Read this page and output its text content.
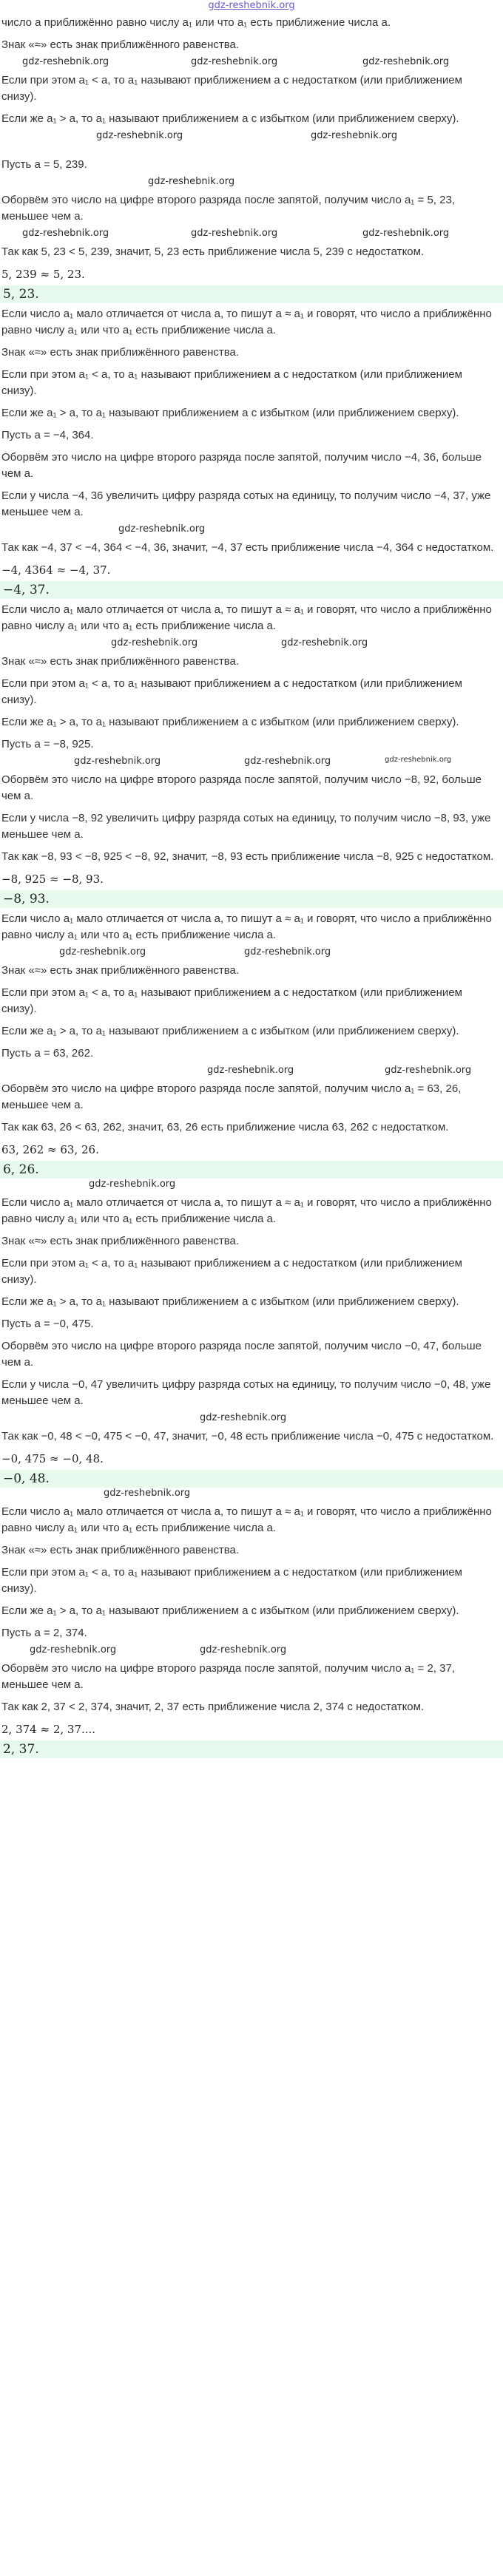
gdz-reshebnik.org

число a приближённо равно числу a₁ или что a₁ есть приближение числа a.

Знак «≈» есть знак приближённого равенства.

gdz-reshebnik.org	gdz-reshebnik.org	gdz-reshebnik.org

Если при этом a₁ < a, то a₁ называют приближением a с недостатком (или приближением снизу).

Если же a₁ > a, то a₁ называют приближением a с избытком (или приближением сверху).

gdz-reshebnik.org	gdz-reshebnik.org

Пусть a = 5, 239.

gdz-reshebnik.org

Оборвём это число на цифре второго разряда после запятой, получим число a₁ = 5, 23, меньшее чем a.

gdz-reshebnik.org	gdz-reshebnik.org	gdz-reshebnik.org

Так как 5, 23 < 5, 239, значит, 5, 23 есть приближение числа 5, 239 с недостатком.

5, 239 ≈ 5, 23.

5, 23.

Если число a₁ мало отличается от числа a, то пишут a ≈ a₁ и говорят, что число a приближённо равно числу a₁ или что a₁ есть приближение числа a.

Знак «≈» есть знак приближённого равенства.

Если при этом a₁ < a, то a₁ называют приближением a с недостатком (или приближением снизу).

Если же a₁ > a, то a₁ называют приближением a с избытком (или приближением сверху).

Пусть a = −4, 364.

Оборвём это число на цифре второго разряда после запятой, получим число −4, 36, больше чем a.

Если у числа −4, 36 увеличить цифру разряда сотых на единицу, то получим число −4, 37, уже меньшее чем a.

gdz-reshebnik.org

Так как −4, 37 < −4, 364 < −4, 36, значит, −4, 37 есть приближение числа −4, 364 с недостатком.

−4, 4364 ≈ −4, 37.

−4, 37.

Если число a₁ мало отличается от числа a, то пишут a ≈ a₁ и говорят, что число a приближённо равно числу a₁ или что a₁ есть приближение числа a.

gdz-reshebnik.org	gdz-reshebnik.org

Знак «≈» есть знак приближённого равенства.

Если при этом a₁ < a, то a₁ называют приближением a с недостатком (или приближением снизу).

Если же a₁ > a, то a₁ называют приближением a с избытком (или приближением сверху).

Пусть a = −8, 925.

gdz-reshebnik.org	gdz-reshebnik.org	gdz-reshebnik.org

Оборвём это число на цифре второго разряда после запятой, получим число −8, 92, больше чем a.

Если у числа −8, 92 увеличить цифру разряда сотых на единицу, то получим число −8, 93, уже меньшее чем a.

Так как −8, 93 < −8, 925 < −8, 92, значит, −8, 93 есть приближение числа −8, 925 с недостатком.

−8, 925 ≈ −8, 93.

−8, 93.

Если число a₁ мало отличается от числа a, то пишут a ≈ a₁ и говорят, что число a приближённо равно числу a₁ или что a₁ есть приближение числа a.

gdz-reshebnik.org	gdz-reshebnik.org

Знак «≈» есть знак приближённого равенства.

Если при этом a₁ < a, то a₁ называют приближением a с недостатком (или приближением снизу).

Если же a₁ > a, то a₁ называют приближением a с избытком (или приближением сверху).

Пусть a = 63, 262.

gdz-reshebnik.org	gdz-reshebnik.org

Оборвём это число на цифре второго разряда после запятой, получим число a₁ = 63, 26, меньшее чем a.

Так как 63, 26 < 63, 262, значит, 63, 26 есть приближение числа 63, 262 с недостатком.

63, 262 ≈ 63, 26.

6, 26.
gdz-reshebnik.org

Если число a₁ мало отличается от числа a, то пишут a ≈ a₁ и говорят, что число a приближённо равно числу a₁ или что a₁ есть приближение числа a.

Знак «≈» есть знак приближённого равенства.

Если при этом a₁ < a, то a₁ называют приближением a с недостатком (или приближением снизу).

Если же a₁ > a, то a₁ называют приближением a с избытком (или приближением сверху).

Пусть a = −0, 475.

Оборвём это число на цифре второго разряда после запятой, получим число −0, 47, больше чем a.

Если у числа −0, 47 увеличить цифру разряда сотых на единицу, то получим число −0, 48, уже меньшее чем a.

gdz-reshebnik.org

Так как −0, 48 < −0, 475 < −0, 47, значит, −0, 48 есть приближение числа −0, 475 с недостатком.

−0, 475 ≈ −0, 48.

−0, 48.
gdz-reshebnik.org

Если число a₁ мало отличается от числа a, то пишут a ≈ a₁ и говорят, что число a приближённо равно числу a₁ или что a₁ есть приближение числа a.

Знак «≈» есть знак приближённого равенства.

Если при этом a₁ < a, то a₁ называют приближением a с недостатком (или приближением снизу).

Если же a₁ > a, то a₁ называют приближением a с избытком (или приближением сверху).

Пусть a = 2, 374.

gdz-reshebnik.org	gdz-reshebnik.org

Оборвём это число на цифре второго разряда после запятой, получим число a₁ = 2, 37, меньшее чем a.

Так как 2, 37 < 2, 374, значит, 2, 37 есть приближение числа 2, 374 с недостатком.

2, 374 ≈ 2, 37....

2, 37.
